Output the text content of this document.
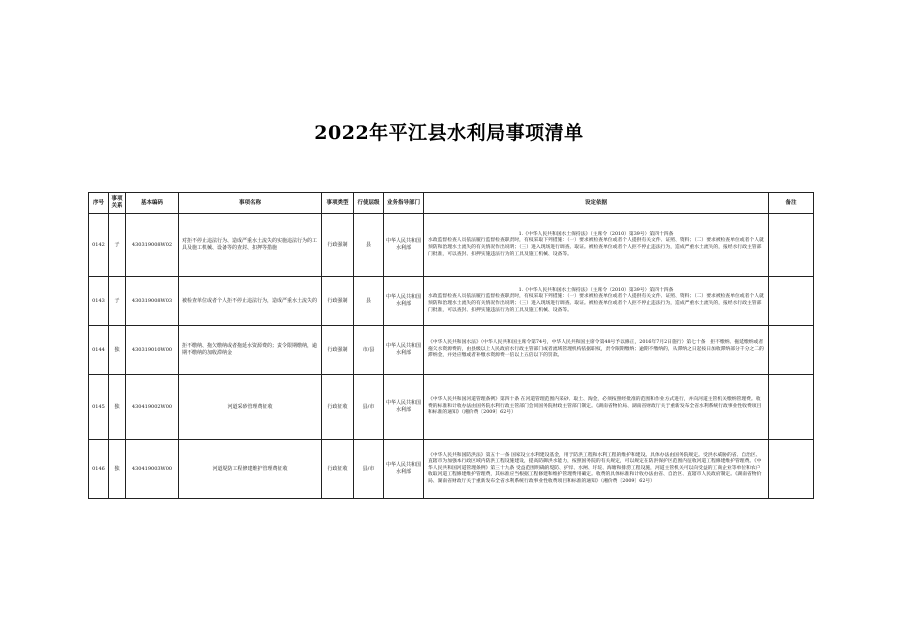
2022年平江县水利局事项清单
序号	事项关系	基本编码	事项名称	事项类型	行使层级	业务指导部门	设定依据	备注
0142	子	430319008W02	对拒不停止违法行为、造成严重水土流失的实施违法行为的工具及施工机械、设备等的查封、扣押等措施	行政强制	县	中华人民共和国水利部	1.《中华人民共和国水土保持法》（主席令（2010）第39号）第四十四条
水政监督检查人员依法履行监督检查职责时，有权采取下列措施：（一）要求被检查单位或者个人提供有关文件、证照、资料；（二）要求被检查单位或者个人就预防和治理水土流失的有关情况作出说明；（三）进入现场进行调查、取证。被检查单位或者个人拒不停止违法行为，造成严重水土流失的，报经水行政主管部门批准，可以查封、扣押实施违法行为的工具及施工机械、设备等。	

0143	子	430319008W03	被检查单位或者个人拒不停止违法行为，造成严重水土流失的	行政强制	县	中华人民共和国水利部	1.《中华人民共和国水土保持法》（主席令（2010）第39号）第四十四条
水政监督检查人员依法履行监督检查职责时，有权采取下列措施：（一）要求被检查单位或者个人提供有关文件、证照、资料；（二）要求被检查单位或者个人就预防和治理水土流失的有关情况作出说明；（三）进入现场进行调查、取证。被检查单位或者个人拒不停止违法行为，造成严重水土流失的，报经水行政主管部门批准，可以查封、扣押实施违法行为的工具及施工机械、设备等。	

0144	独	430319010W00	拒不缴纳、拖欠缴纳或者拖延水资源费的；责令限期缴纳，逾期不缴纳的加收滞纳金	行政强制	市/县	中华人民共和国水利部	《中华人民共和国水法》（中华人民共和国主席令第74号，中华人民共和国主席令第48号予以修正，2016年7月2日施行）第七十条　拒不缴纳、拖延缴纳或者拖欠水资源费的，由县级以上人民政府水行政主管部门或者流域管理机构依据职权，责令限期缴纳；逾期不缴纳的，从滞纳之日起按日加收滞纳部分千分之二的滞纳金，并处应缴或者补缴水资源费一倍以上五倍以下的罚款。	

0145	独	430419002W00	河道采砂管理费征收	行政征收	县/市	中华人民共和国水利部	《中华人民共和国河道管理条例》第四十条 在河道管理范围内采砂、取土、淘金，必须按照经批准的范围和作业方式进行，并向河道主管机关缴纳管理费。收费的标准和计收办法由国务院水利行政主管部门会同国务院财政主管部门制定。《湖南省物价局、湖南省财政厅关于重新发布全省水利系统行政事业性收费项目和标准的通知》（湘价费〔2009〕62号）	

0146	独	430419003W00	河道堤防工程修建维护管理费征收	行政征收	县/市	中华人民共和国水利部	《中华人民共和国防洪法》第五十一条 国家设立水利建设基金，用于防洪工程和水利工程的维护和建设。具体办法由国务院规定。受洪水威胁的省、自治区、直辖市为加强本行政区域内防洪工程设施建设，提高防御洪水能力，按照国务院的有关规定，可以规定在防洪保护区范围内征收河道工程修建维护管理费。《中华人民共和国河道管理条例》第三十九条 受益范围明确的堤防、护岸、水闸、圩垸、海塘和排涝工程设施，河道主管机关可以向受益的工商企业等单位和农户收取河道工程修建维护管理费，其标准应当根据工程修建和维护管理费用确定。收费的具体标准和计收办法由省、自治区、直辖市人民政府制定。《湖南省物价局、湖南省财政厅关于重新发布全省水利系统行政事业性收费项目和标准的通知》（湘价费〔2009〕62号）	
